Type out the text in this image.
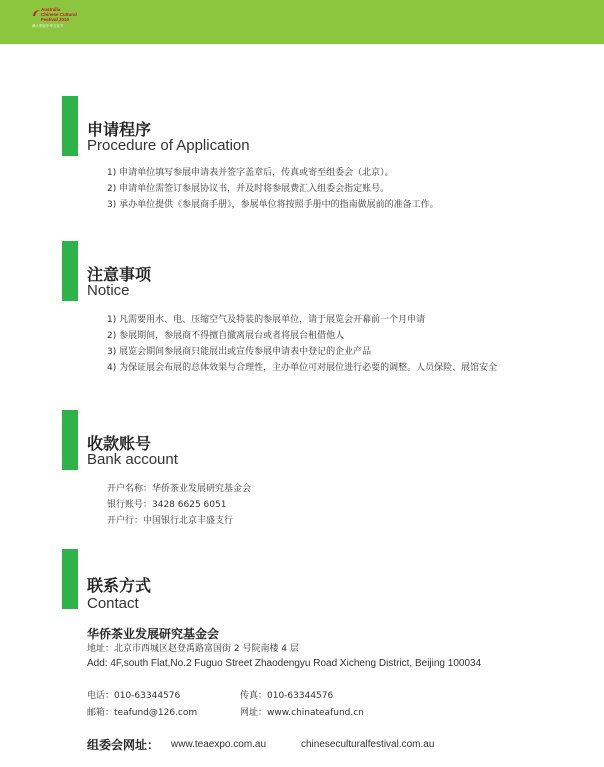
Australia
Chinese Cultural
Festival 2010
澳大利亚中华文化节
申请程序
Procedure of Application
1) 申请单位填写参展申请表并签字盖章后，传真或寄至组委会（北京）。
2) 申请单位需签订参展协议书，并及时将参展费汇入组委会指定账号。
3) 承办单位提供《参展商手册》，参展单位将按照手册中的指南做展前的准备工作。
注意事项
Notice
1) 凡需要用水、电、压缩空气及特装的参展单位，请于展览会开幕前一个月申请
2) 参展期间，参展商不得擅自撤离展台或者将展台租借他人
3) 展览会期间参展商只能展出或宣传参展申请表中登记的企业产品
4) 为保证展会布展的总体效果与合理性，主办单位可对展位进行必要的调整。人员保险、展馆安全
收款账号
Bank account
开户名称：华侨茶业发展研究基金会
银行账号：3428 6625 6051
开户行：中国银行北京丰盛支行
联系方式
Contact
华侨茶业发展研究基金会
地址：北京市西城区赵登禹路富国街 2 号院南楼 4 层
Add: 4F,south Flat,No.2 Fuguo Street Zhaodengyu Road Xicheng District, Beijing 100034
电话：010-63344576	传真：010-63344576
邮箱：teafund@126.com	网址：www.chinateafund.cn
组委会网址： www.teaexpo.com.au	chineseculturalfestival.com.au
